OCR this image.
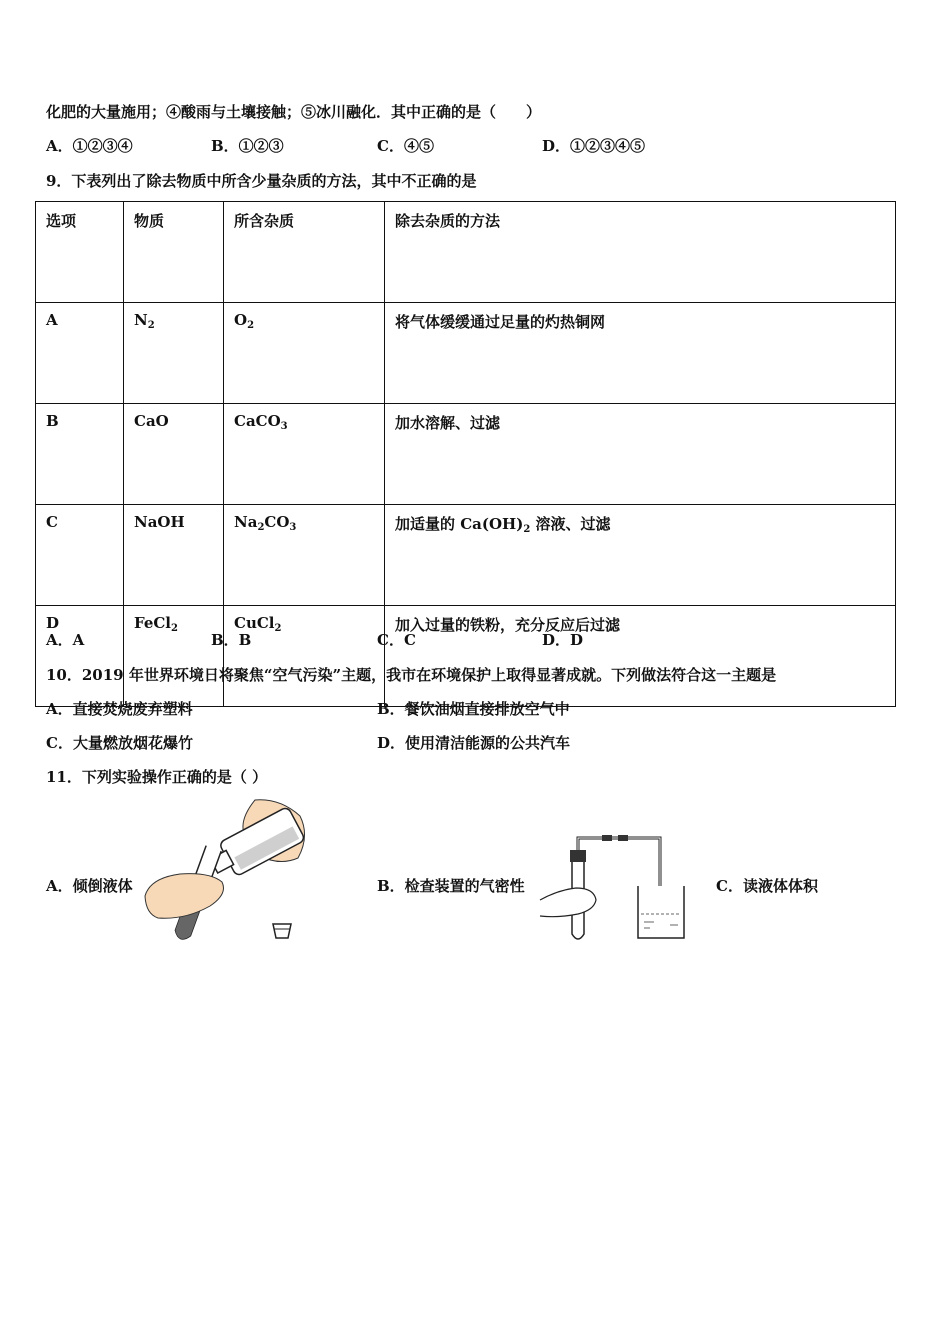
化肥的大量施用；④酸雨与土壤接触；⑤冰川融化．其中正确的是（　　）
A．①②③④	B．①②③	C．④⑤	D．①②③④⑤
9．下表列出了除去物质中所含少量杂质的方法，其中不正确的是
选项	物质	所含杂质	除去杂质的方法
A	$N_2$	$O_2$	将气体缓缓通过足量的灼热铜网
B	CaO	CaCO$_3$	加水溶解、过滤
C	NaOH	$Na_2CO_3$	加适量的 $Ca(OH)_2$ 溶液、过滤
D	FeCl$_2$	CuCl$_2$	加入过量的铁粉，充分反应后过滤
A．A	B．B	C．C	D．D
10．2019 年世界环境日将聚焦“空气污染”主题，我市在环境保护上取得显著成就。下列做法符合这一主题是
A．直接焚烧废弃塑料	B．餐饮油烟直接排放空气中
C．大量燃放烟花爆竹	D．使用清洁能源的公共汽车
11．下列实验操作正确的是（ ）
A．倾倒液体	B．检查装置的气密性	C．读液体体积
